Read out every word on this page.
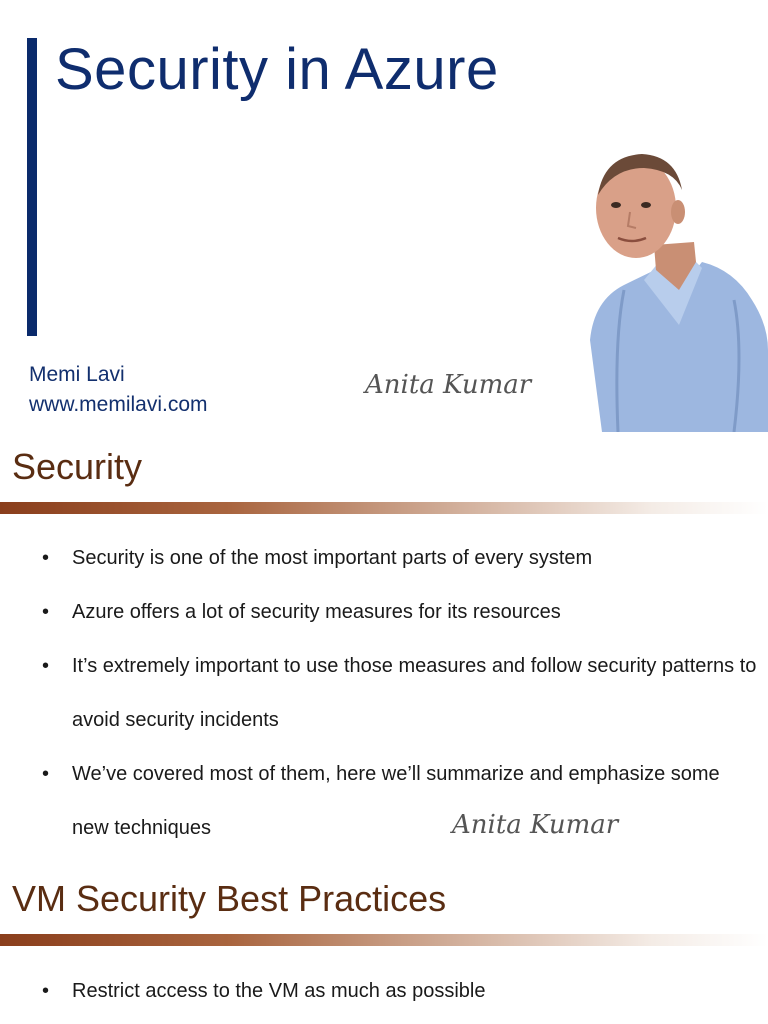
Security in Azure
Memi Lavi
www.memilavi.com
Anita Kumar
Security
• Security is one of the most important parts of every system
• Azure offers a lot of security measures for its resources
• It’s extremely important to use those measures and follow security patterns to avoid security incidents
• We’ve covered most of them, here we’ll summarize and emphasize some new techniques	Anita Kumar
VM Security Best Practices
• Restrict access to the VM as much as possible
